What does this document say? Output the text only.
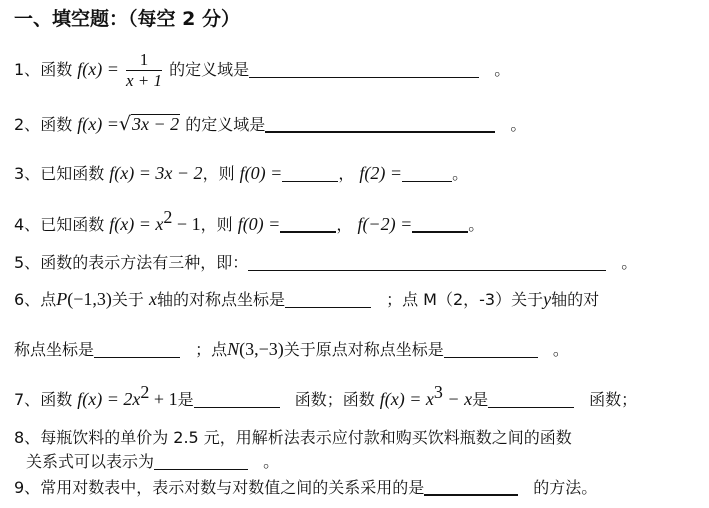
一、填空题：（每空 2 分）
1、函数 $f(x) = \frac{1}{x + 1}$ 的定义域是	。
2、函数 f(x) =√3x − 2 的定义域是	。
3、已知函数 f(x) = 3x − 2，则 f(0) =	， f(2) =	。
4、已知函数 $f(x) = x^2 - 1$，则 f(0) =	， f(−2) =	。
5、函数的表示方法有三种，即：	。
6、点P(−1,3)关于 x轴的对称点坐标是	；点 M（2，-3）关于y轴的对
称点坐标是	；点N(3,−3)关于原点对称点坐标是	。
7、函数 $f(x) = 2x^2 + 1$是	函数；函数 $f(x) = x^3 - x$是	函数；
8、每瓶饮料的单价为 2.5 元，用解析法表示应付款和购买饮料瓶数之间的函数
关系式可以表示为	。
9、常用对数表中，表示对数与对数值之间的关系采用的是	的方法。
